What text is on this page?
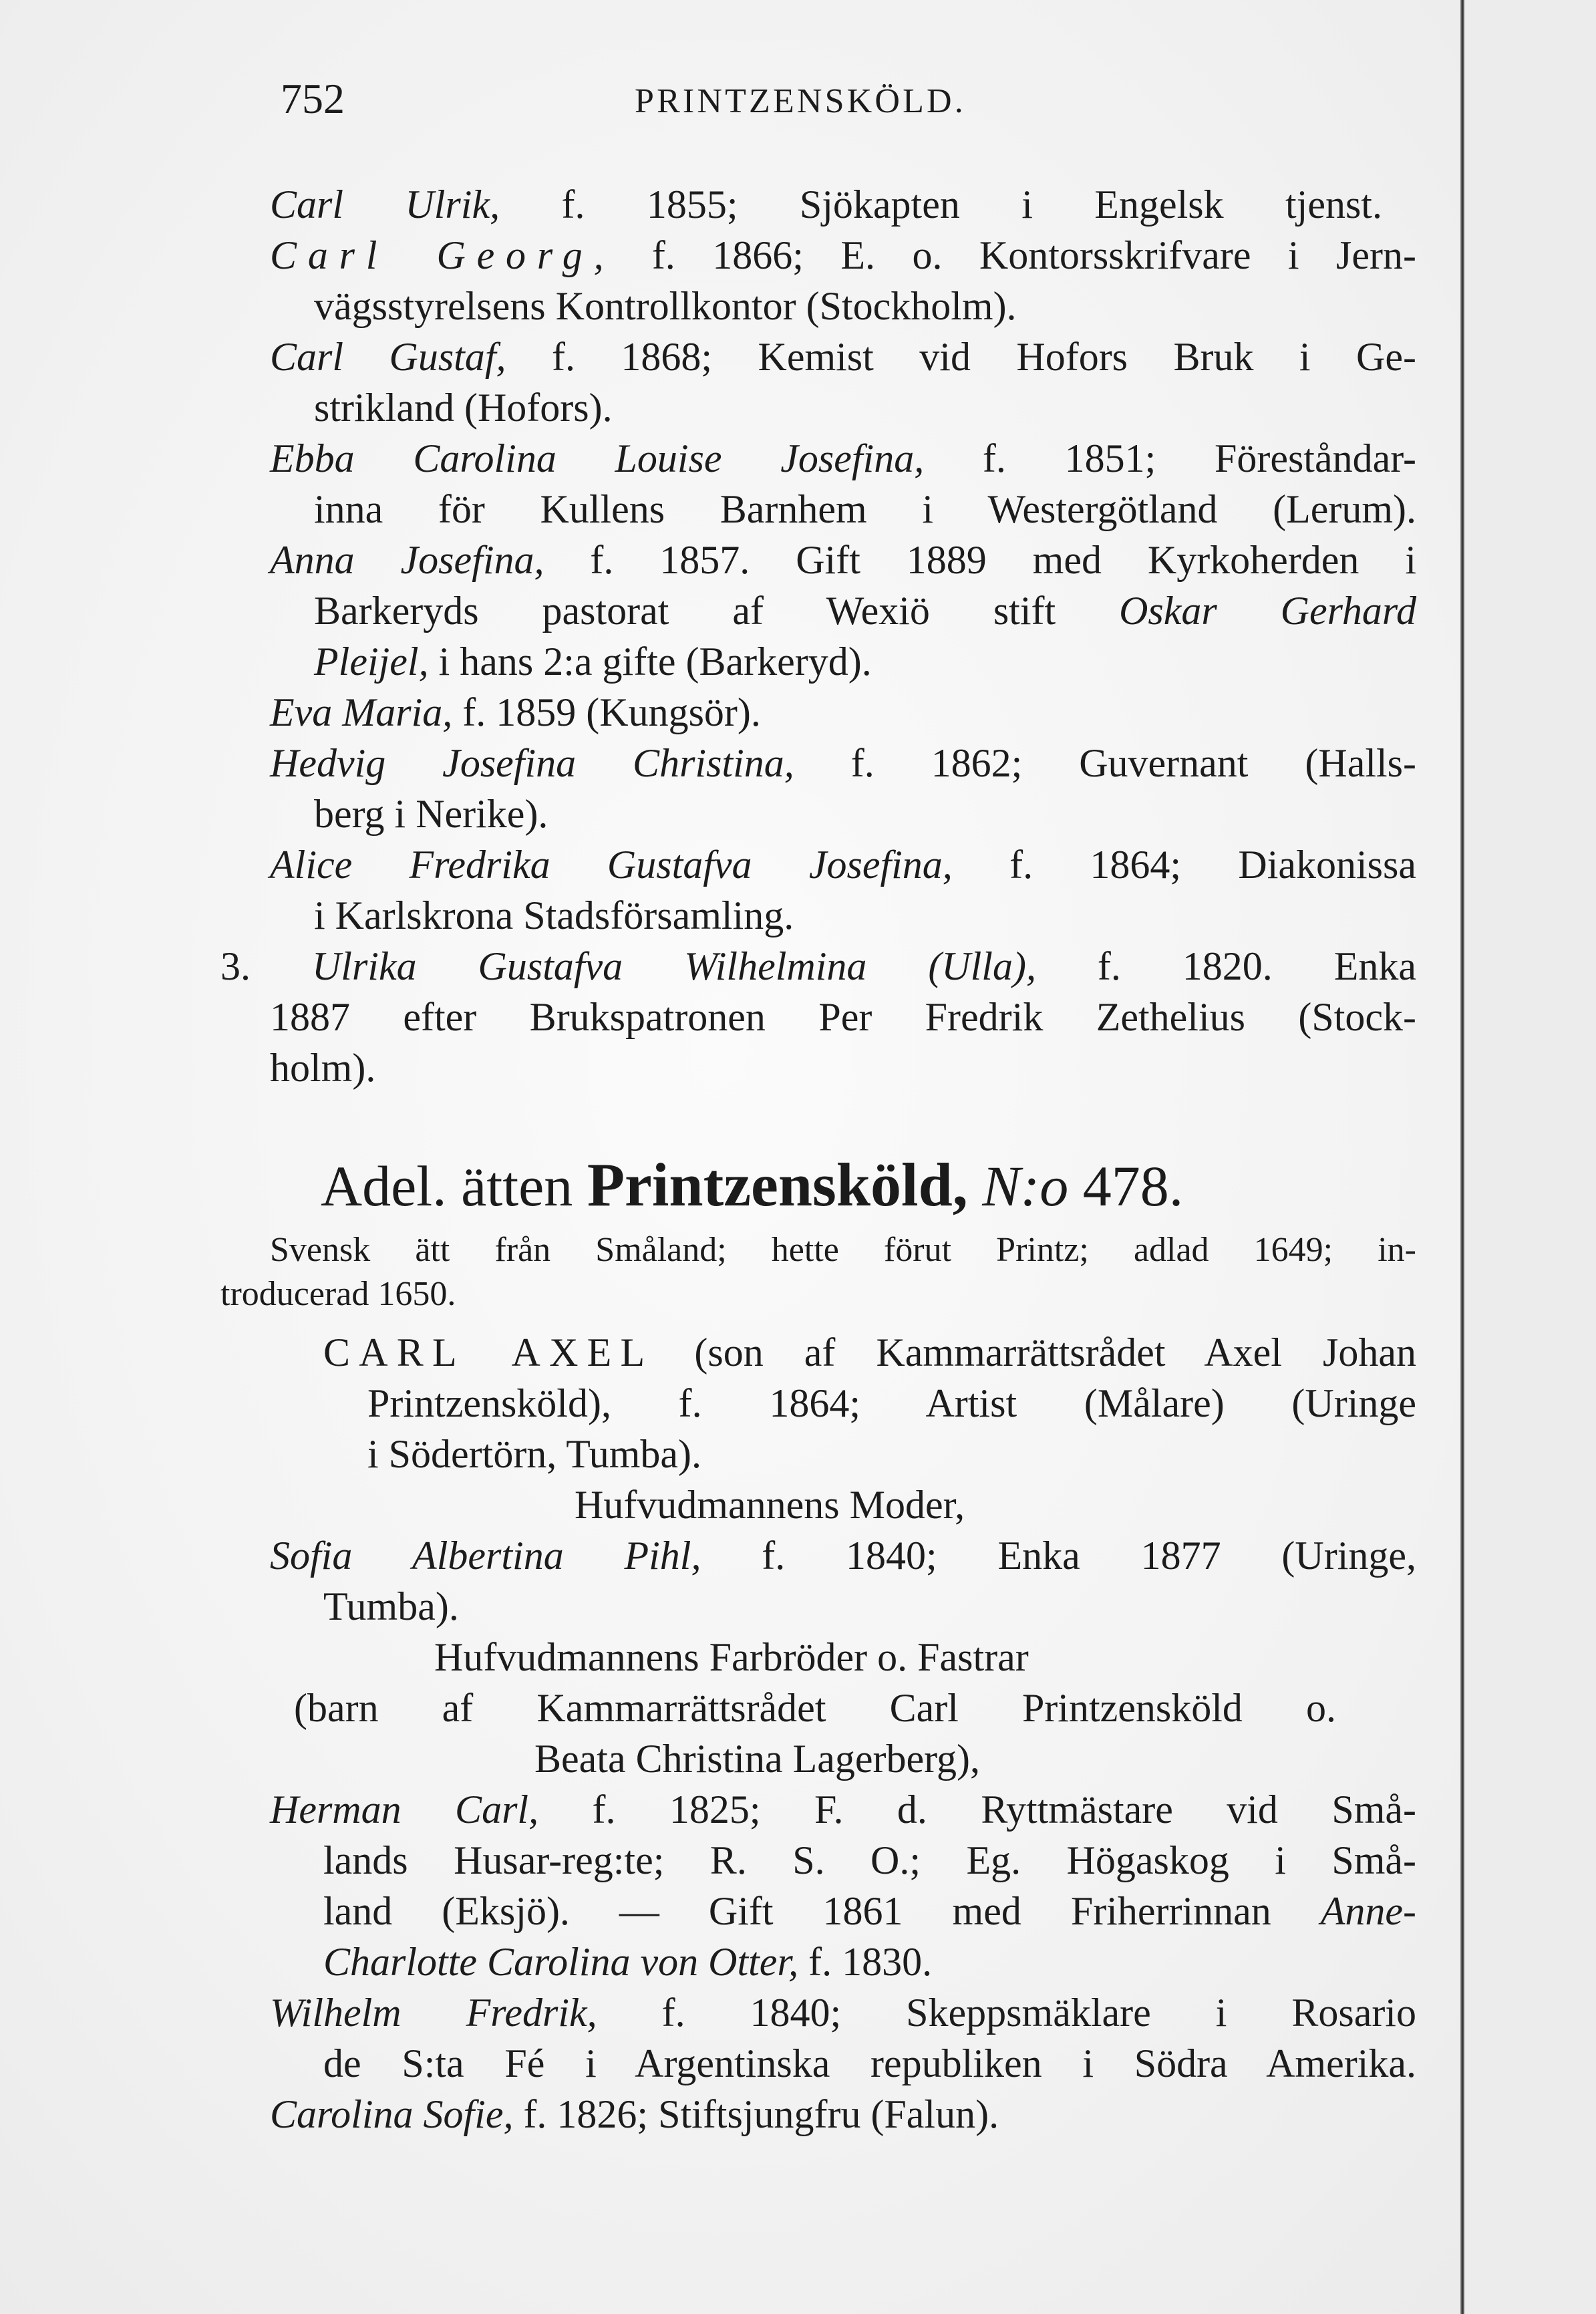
752	PRINTZENSKÖLD.
Carl Ulrik, f. 1855; Sjökapten i Engelsk tjenst.
Carl Georg, f. 1866; E. o. Kontorsskrifvare i Jern-
vägsstyrelsens Kontrollkontor (Stockholm).
Carl Gustaf, f. 1868; Kemist vid Hofors Bruk i Ge-
strikland (Hofors).
Ebba Carolina Louise Josefina, f. 1851; Föreståndar-
inna för Kullens Barnhem i Westergötland (Lerum).
Anna Josefina, f. 1857. Gift 1889 med Kyrkoherden i
Barkeryds pastorat af Wexiö stift Oskar Gerhard
Pleijel, i hans 2:a gifte (Barkeryd).
Eva Maria, f. 1859 (Kungsör).
Hedvig Josefina Christina, f. 1862; Guvernant (Halls-
berg i Nerike).
Alice Fredrika Gustafva Josefina, f. 1864; Diakonissa
i Karlskrona Stadsförsamling.
3. Ulrika Gustafva Wilhelmina (Ulla), f. 1820. Enka
1887 efter Brukspatronen Per Fredrik Zethelius (Stock-
holm).
Adel. ätten Printzensköld, N:o 478.
Svensk ätt från Småland; hette förut Printz; adlad 1649; in-
troducerad 1650.
CARL AXEL (son af Kammarrättsrådet Axel Johan
Printzensköld), f. 1864; Artist (Målare) (Uringe
i Södertörn, Tumba).
Hufvudmannens Moder,
Sofia Albertina Pihl, f. 1840; Enka 1877 (Uringe,
Tumba).
Hufvudmannens Farbröder o. Fastrar
(barn af Kammarrättsrådet Carl Printzensköld o.
Beata Christina Lagerberg),
Herman Carl, f. 1825; F. d. Ryttmästare vid Små-
lands Husar-reg:te; R. S. O.; Eg. Högaskog i Små-
land (Eksjö). — Gift 1861 med Friherrinnan Anne-
Charlotte Carolina von Otter, f. 1830.
Wilhelm Fredrik, f. 1840; Skeppsmäklare i Rosario
de S:ta Fé i Argentinska republiken i Södra Amerika.
Carolina Sofie, f. 1826; Stiftsjungfru (Falun).
